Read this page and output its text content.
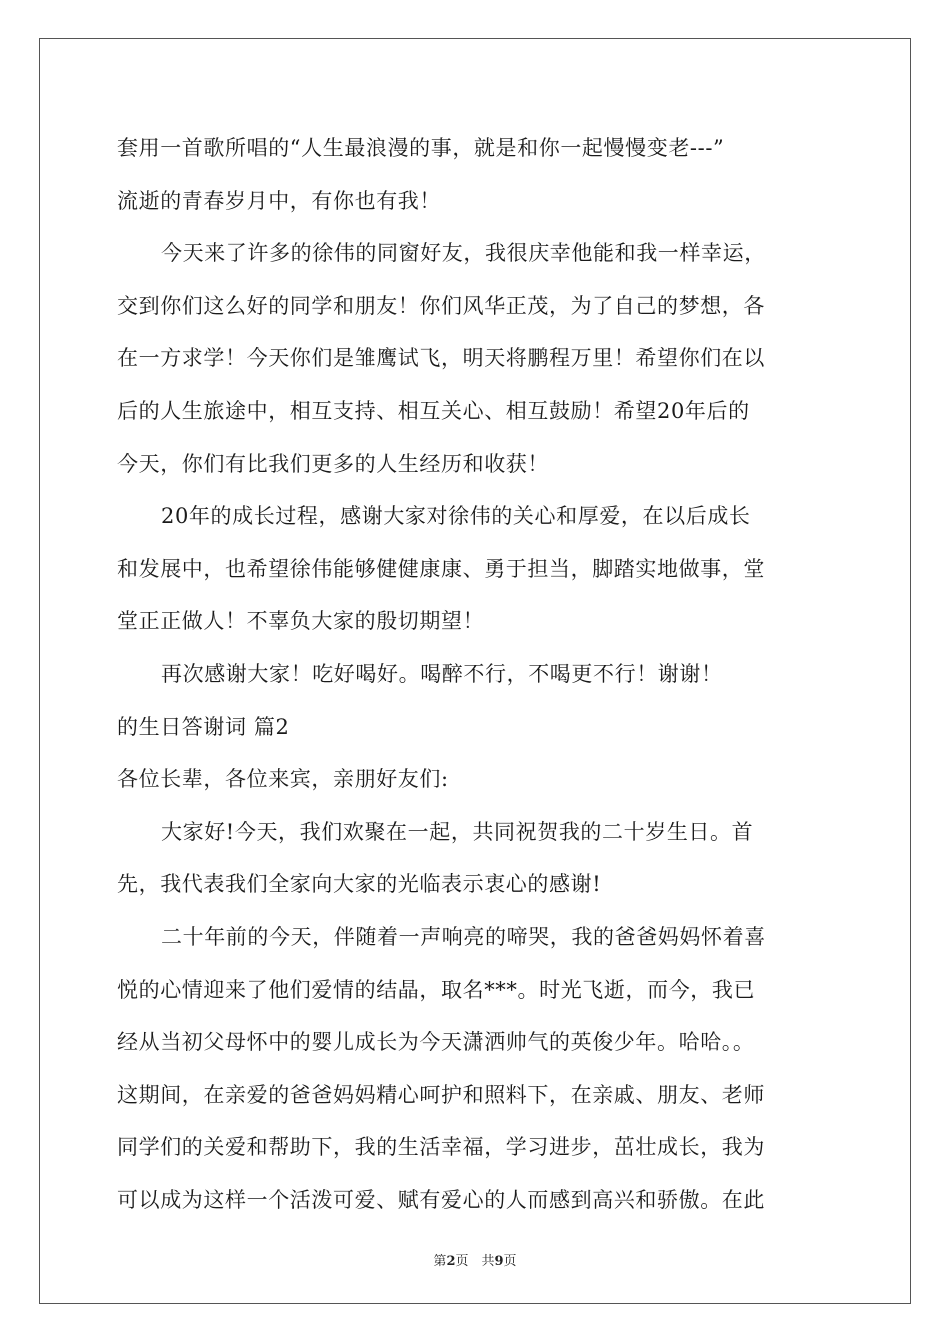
套用一首歌所唱的“人生最浪漫的事，就是和你一起慢慢变老---”
流逝的青春岁月中，有你也有我！
今天来了许多的徐伟的同窗好友，我很庆幸他能和我一样幸运，
交到你们这么好的同学和朋友！你们风华正茂，为了自己的梦想，各
在一方求学！今天你们是雏鹰试飞，明天将鹏程万里！希望你们在以
后的人生旅途中，相互支持、相互关心、相互鼓励！希望20年后的
今天，你们有比我们更多的人生经历和收获！
20年的成长过程，感谢大家对徐伟的关心和厚爱，在以后成长
和发展中，也希望徐伟能够健健康康、勇于担当，脚踏实地做事，堂
堂正正做人！不辜负大家的殷切期望！
再次感谢大家！吃好喝好。喝醉不行，不喝更不行！谢谢！
的生日答谢词 篇2
各位长辈，各位来宾，亲朋好友们:
大家好!今天，我们欢聚在一起，共同祝贺我的二十岁生日。首
先，我代表我们全家向大家的光临表示衷心的感谢!
二十年前的今天，伴随着一声响亮的啼哭，我的爸爸妈妈怀着喜
悦的心情迎来了他们爱情的结晶，取名***。时光飞逝，而今，我已
经从当初父母怀中的婴儿成长为今天潇洒帅气的英俊少年。哈哈。。
这期间，在亲爱的爸爸妈妈精心呵护和照料下，在亲戚、朋友、老师
同学们的关爱和帮助下，我的生活幸福，学习进步，茁壮成长，我为
可以成为这样一个活泼可爱、赋有爱心的人而感到高兴和骄傲。在此
第2页　共9页
